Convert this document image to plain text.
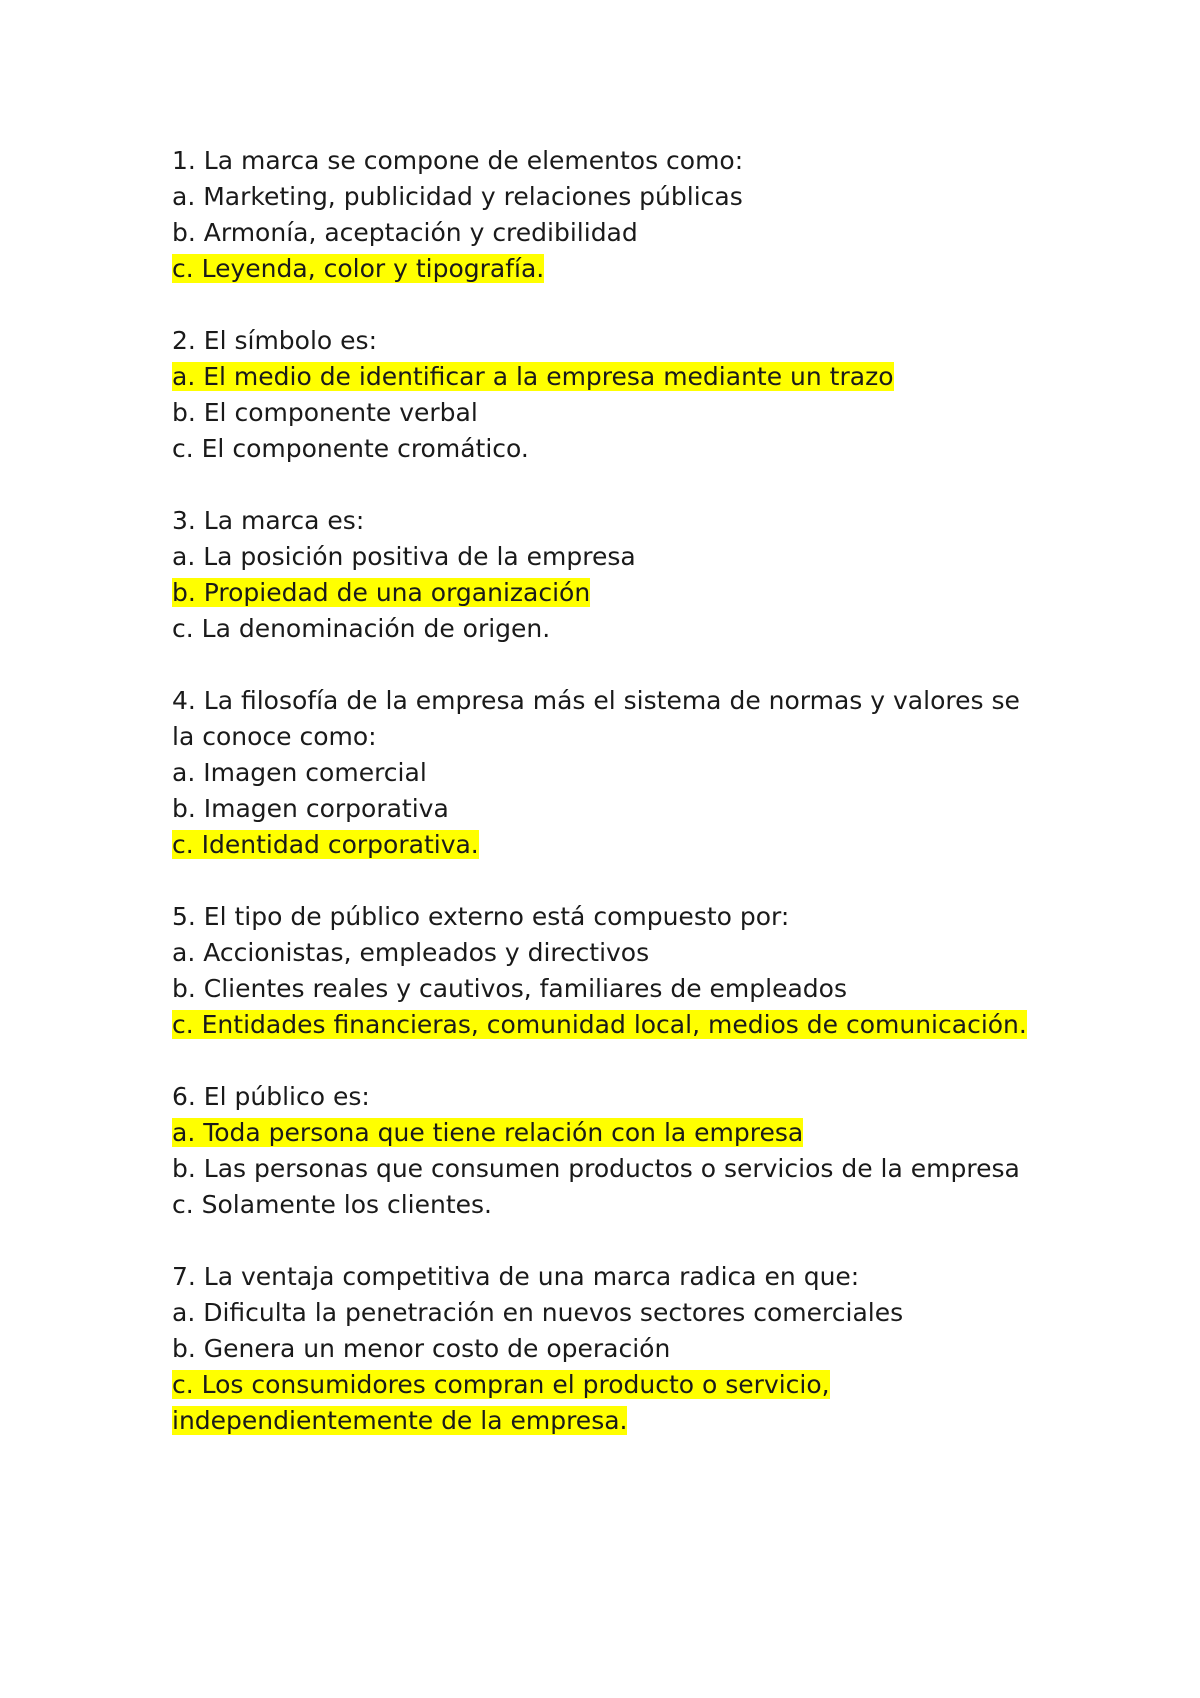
1. La marca se compone de elementos como:
a. Marketing, publicidad y relaciones públicas
b. Armonía, aceptación y credibilidad
c. Leyenda, color y tipografía.
2. El símbolo es:
a. El medio de identificar a la empresa mediante un trazo
b. El componente verbal
c. El componente cromático.
3. La marca es:
a. La posición positiva de la empresa
b. Propiedad de una organización
c. La denominación de origen.
4. La filosofía de la empresa más el sistema de normas y valores se la conoce como:
a. Imagen comercial
b. Imagen corporativa
c. Identidad corporativa.
5. El tipo de público externo está compuesto por:
a. Accionistas, empleados y directivos
b. Clientes reales y cautivos, familiares de empleados
c. Entidades financieras, comunidad local, medios de comunicación.
6. El público es:
a. Toda persona que tiene relación con la empresa
b. Las personas que consumen productos o servicios de la empresa
c. Solamente los clientes.
7. La ventaja competitiva de una marca radica en que:
a. Dificulta la penetración en nuevos sectores comerciales
b. Genera un menor costo de operación
c. Los consumidores compran el producto o servicio, independientemente de la empresa.
